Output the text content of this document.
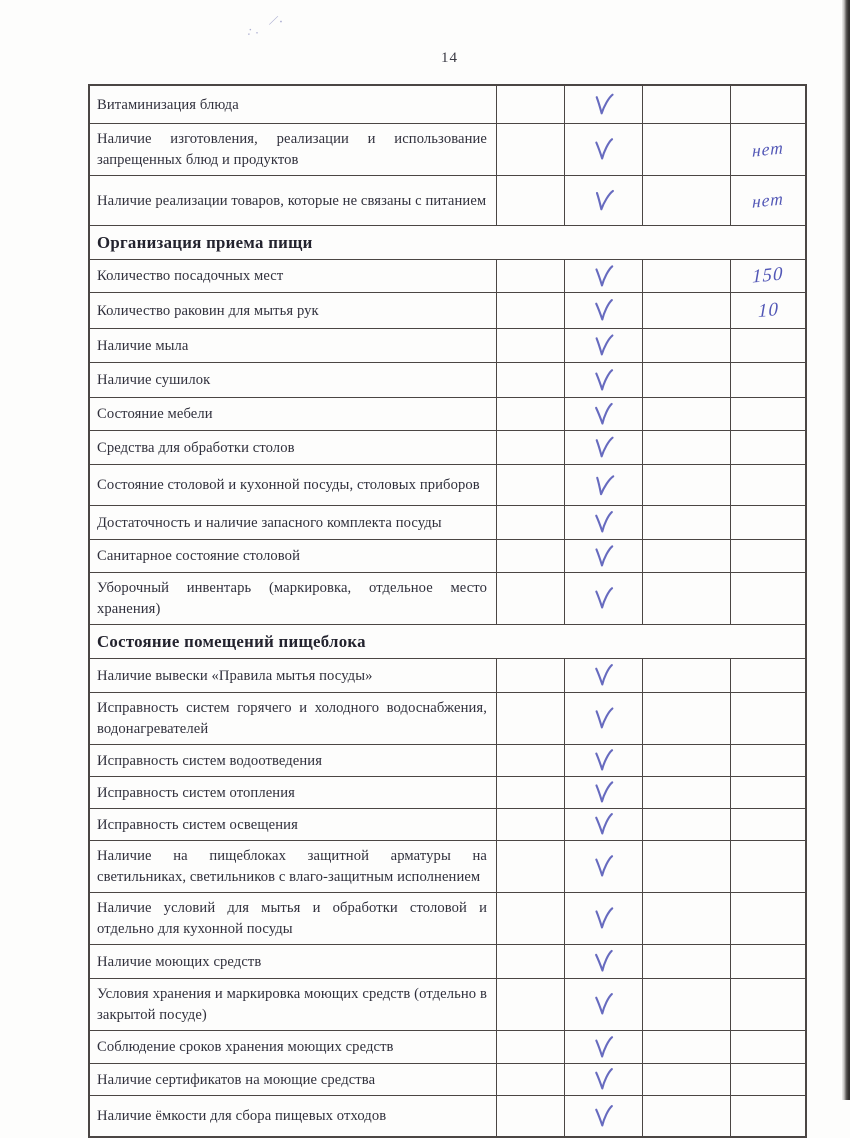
14
: ·
∕ ·

Витаминизация блюда

Наличие изготовления, реализации и использование запрещенных блюд и продуктов	нет

Наличие реализации товаров, которые не связаны с питанием	нет

Организация приема пищи

Количество посадочных мест	150

Количество раковин для мытья рук	10

Наличие мыла

Наличие сушилок

Состояние мебели

Средства для обработки столов

Состояние столовой и кухонной посуды, столовых приборов

Достаточность и наличие запасного комплекта посуды

Санитарное состояние столовой

Уборочный инвентарь (маркировка, отдельное место хранения)

Состояние помещений пищеблока

Наличие вывески «Правила мытья посуды»

Исправность систем горячего и холодного водоснабжения, водонагревателей

Исправность систем водоотведения

Исправность систем отопления

Исправность систем освещения

Наличие на пищеблоках защитной арматуры на светильниках, светильников с влаго-защитным исполнением

Наличие условий для мытья и обработки столовой и отдельно для кухонной посуды

Наличие моющих средств

Условия хранения и маркировка моющих средств (отдельно в закрытой посуде)

Соблюдение сроков хранения моющих средств

Наличие сертификатов на моющие средства

Наличие ёмкости для сбора пищевых отходов
